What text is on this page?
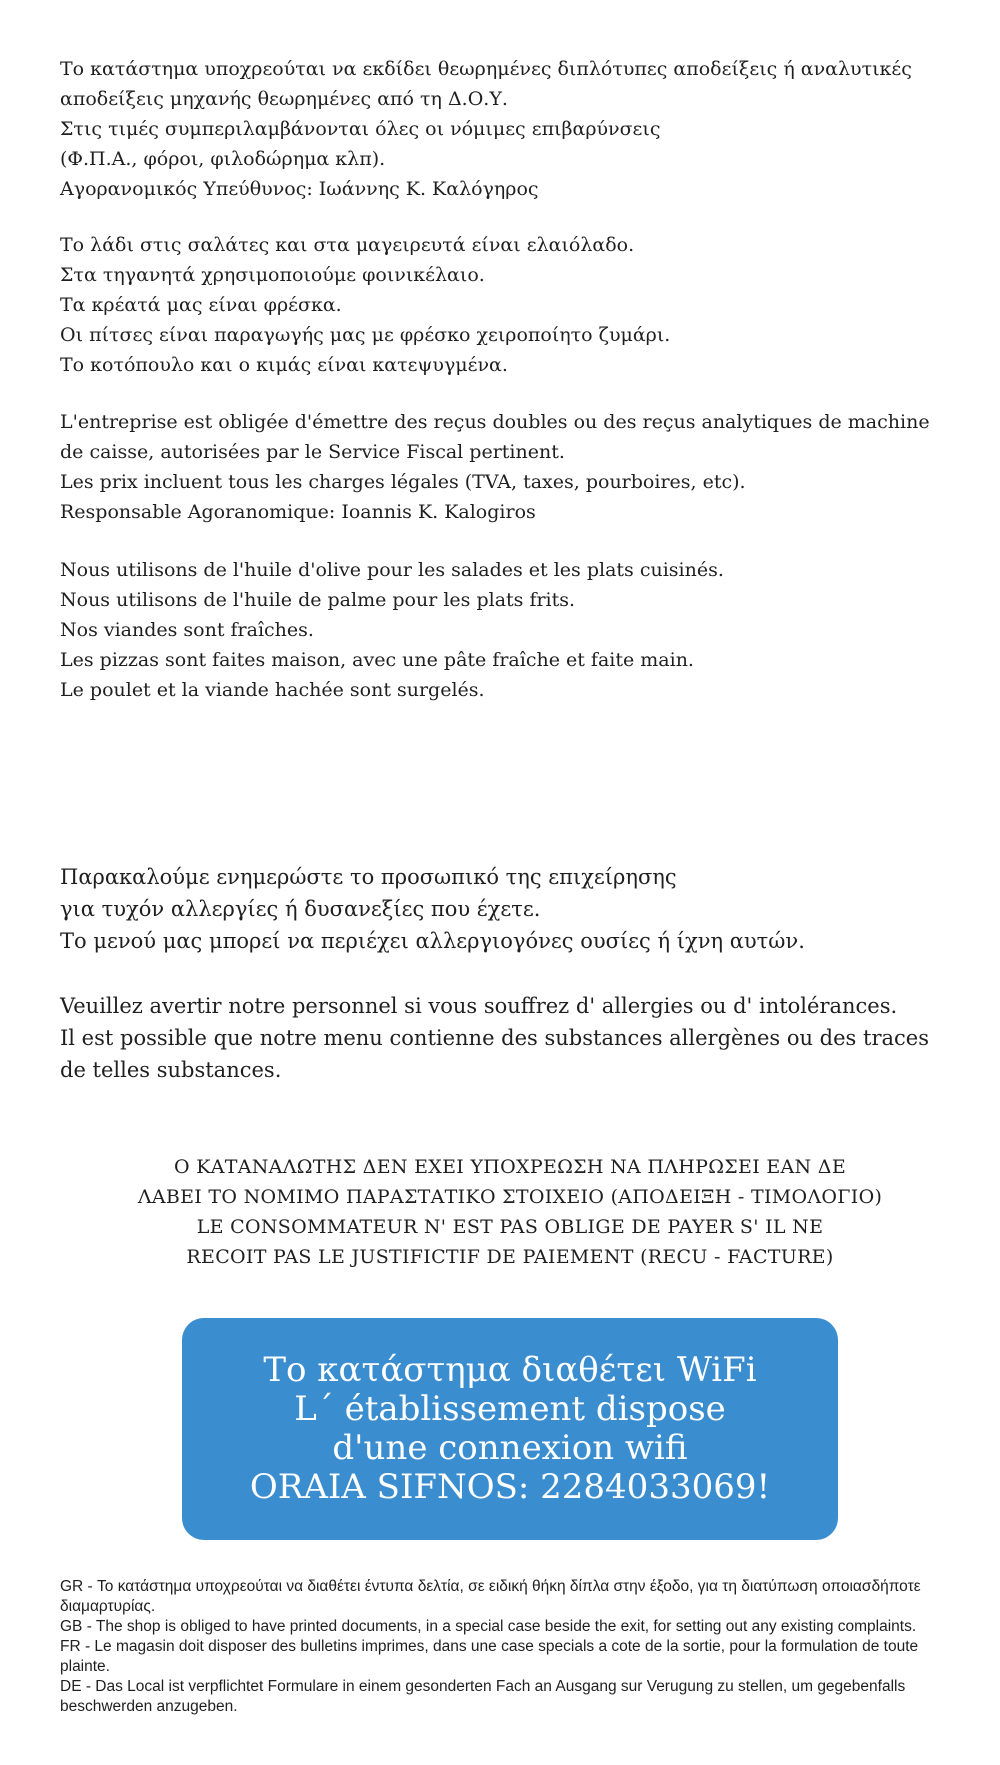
Το κατάστημα υποχρεούται να εκδίδει θεωρημένες διπλότυπες αποδείξεις ή αναλυτικές
αποδείξεις μηχανής θεωρημένες από τη Δ.Ο.Υ.
Στις τιμές συμπεριλαμβάνονται όλες οι νόμιμες επιβαρύνσεις
(Φ.Π.Α., φόροι, φιλοδώρημα κλπ).
Αγορανομικός Υπεύθυνος: Ιωάννης Κ. Καλόγηρος
Το λάδι στις σαλάτες και στα μαγειρευτά είναι ελαιόλαδο.
Στα τηγανητά χρησιμοποιούμε φοινικέλαιο.
Τα κρέατά μας είναι φρέσκα.
Οι πίτσες είναι παραγωγής μας με φρέσκο χειροποίητο ζυμάρι.
Το κοτόπουλο και ο κιμάς είναι κατεψυγμένα.
L'entreprise est obligée d'émettre des reçus doubles ou des reçus analytiques de machine
de caisse, autorisées par le Service Fiscal pertinent.
Les prix incluent tous les charges légales (TVA, taxes, pourboires, etc).
Responsable Agoranomique: Ioannis K. Kalogiros
Nous utilisons de l'huile d'olive pour les salades et les plats cuisinés.
Nous utilisons de l'huile de palme pour les plats frits.
Nos viandes sont fraîches.
Les pizzas sont faites maison, avec une pâte fraîche et faite main.
Le poulet et la viande hachée sont surgelés.
Παρακαλούμε ενημερώστε το προσωπικό της επιχείρησης
για τυχόν αλλεργίες ή δυσανεξίες που έχετε.
Το μενού μας μπορεί να περιέχει αλλεργιογόνες ουσίες ή ίχνη αυτών.
Veuillez avertir notre personnel si vous souffrez d' allergies ou d' intolérances.
Il est possible que notre menu contienne des substances allergènes ou des traces de telles substances.
Ο ΚΑΤΑΝΑΛΩΤΗΣ ΔΕΝ ΕΧΕΙ ΥΠΟΧΡΕΩΣΗ ΝΑ ΠΛΗΡΩΣΕΙ ΕΑΝ ΔΕ
ΛΑΒΕΙ ΤΟ ΝΟΜΙΜΟ ΠΑΡΑΣΤΑΤΙΚΟ ΣΤΟΙΧΕΙΟ (ΑΠΟΔΕΙΞΗ - ΤΙΜΟΛΟΓΙΟ)
LE CONSOMMATEUR N' EST PAS OBLIGE DE PAYER S' IL NE
RECOIT PAS LE JUSTIFICTIF DE PAIEMENT (RECU - FACTURE)
Το κατάστημα διαθέτει WiFi
L´ établissement dispose
d'une connexion wifi
ORAIA SIFNOS: 2284033069!
GR - Το κατάστημα υποχρεούται να διαθέτει έντυπα δελτία, σε ειδική θήκη δίπλα στην έξοδο, για τη διατύπωση οποιασδήποτε διαμαρτυρίας.
GB - The shop is obliged to have printed documents, in a special case beside the exit, for setting out any existing complaints.
FR - Le magasin doit disposer des bulletins imprimes, dans une case specials a cote de la sortie, pour la formulation de toute plainte.
DE - Das Local ist verpflichtet Formulare in einem gesonderten Fach an Ausgang sur Verugung zu stellen, um gegebenfalls beschwerden anzugeben.
